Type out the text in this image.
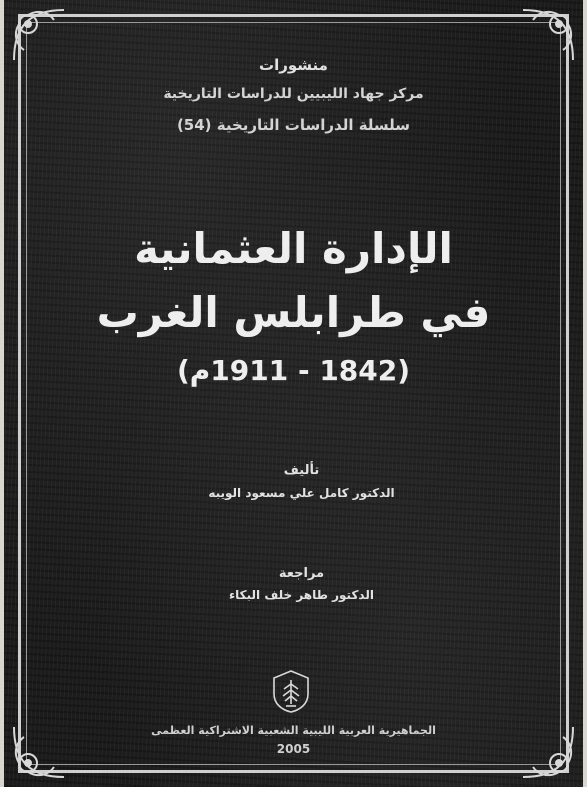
منشورات
مركز جهاد الليبيين للدراسات التاريخية
سلسلة الدراسات التاريخية (54)
الإدارة العثمانية
في طرابلس الغرب
(1842 - 1911م)
تأليف
الدكتور كامل علي مسعود الويبه
مراجعة
الدكتور طاهر خلف البكاء
الجماهيرية العربية الليبية الشعبية الاشتراكية العظمى
2005
